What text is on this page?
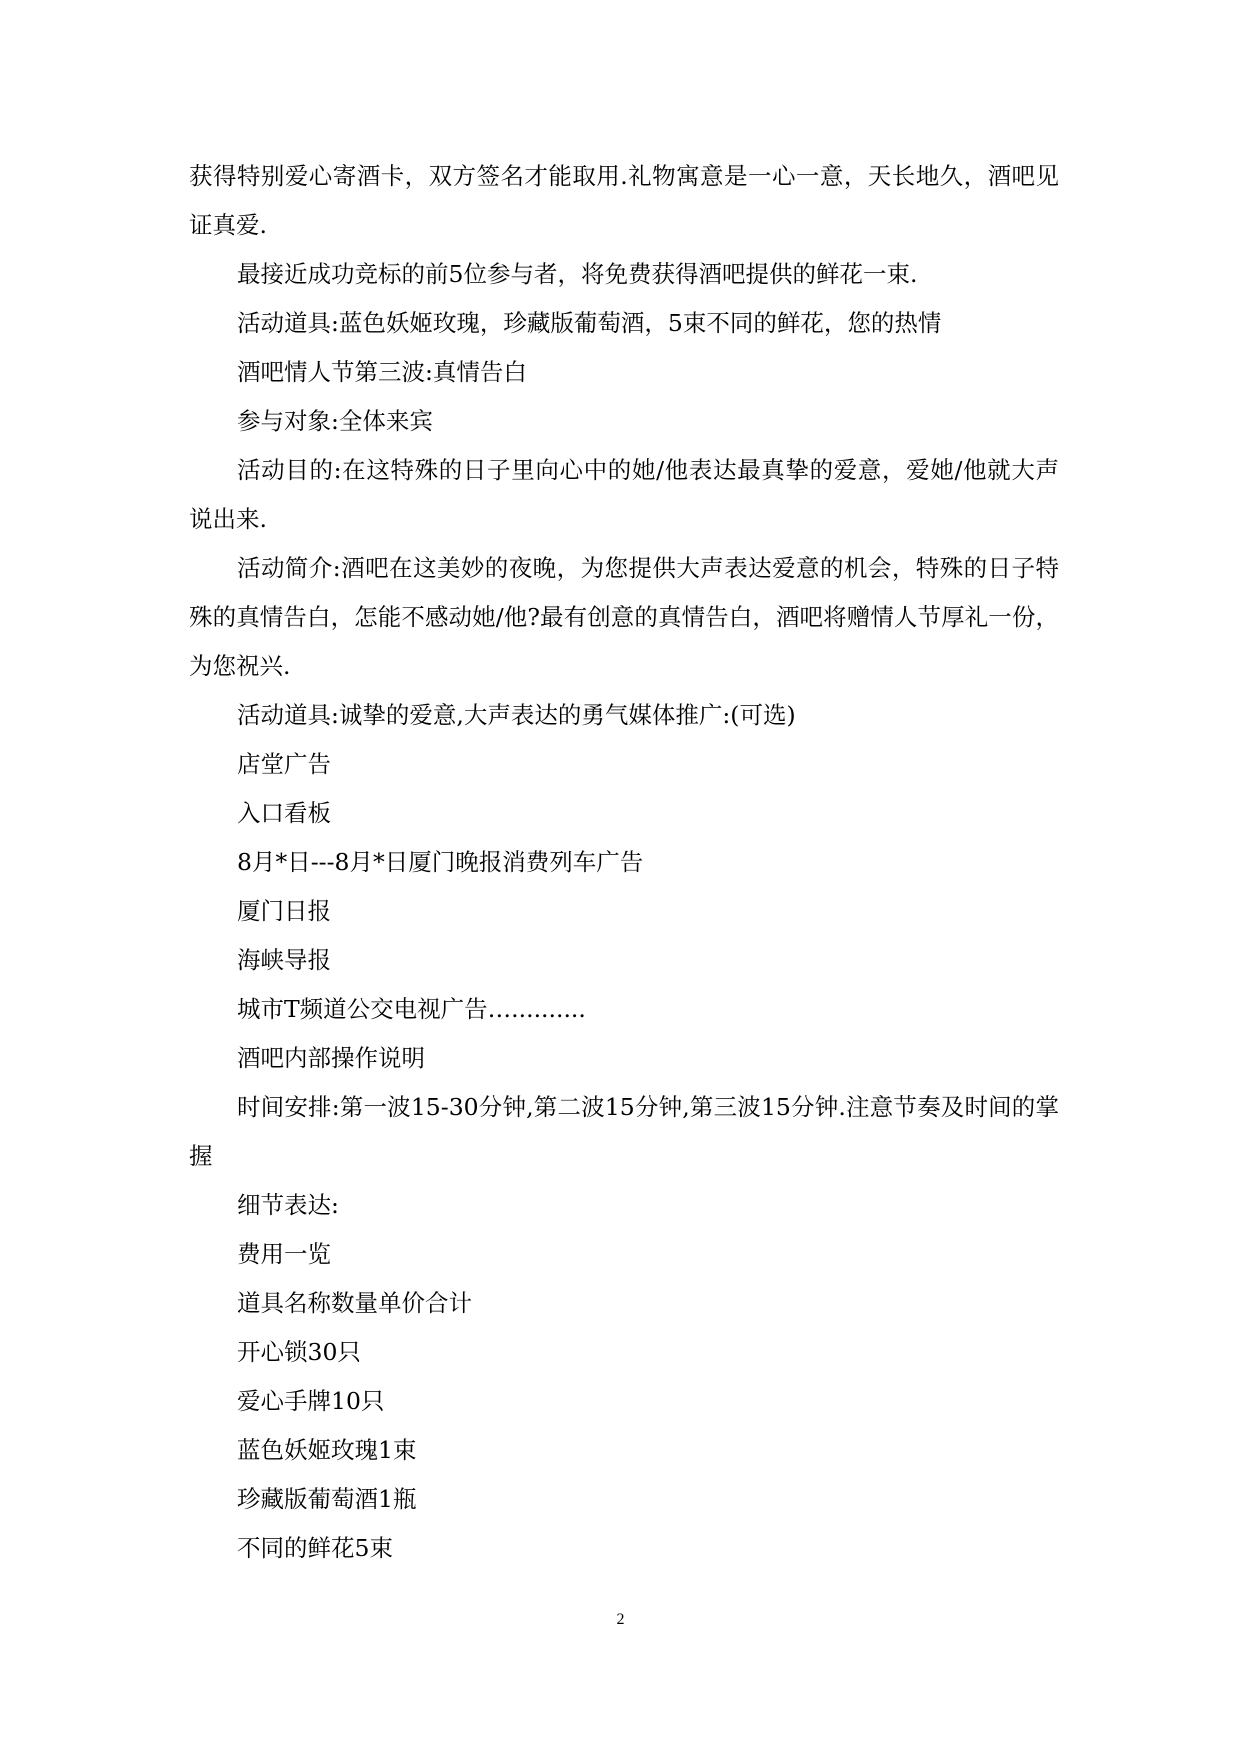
获得特别爱心寄酒卡，双方签名才能取用.礼物寓意是一心一意，天长地久，酒吧见证真爱.

最接近成功竞标的前5位参与者，将免费获得酒吧提供的鲜花一束.

活动道具:蓝色妖姬玫瑰，珍藏版葡萄酒，5束不同的鲜花，您的热情

酒吧情人节第三波:真情告白

参与对象:全体来宾

活动目的:在这特殊的日子里向心中的她/他表达最真挚的爱意，爱她/他就大声说出来.

活动简介:酒吧在这美妙的夜晚，为您提供大声表达爱意的机会，特殊的日子特殊的真情告白，怎能不感动她/他?最有创意的真情告白，酒吧将赠情人节厚礼一份，为您祝兴.

活动道具:诚挚的爱意,大声表达的勇气媒体推广:(可选)

店堂广告

入口看板

8月*日---8月*日厦门晚报消费列车广告

厦门日报

海峡导报

城市T频道公交电视广告…..........

酒吧内部操作说明

时间安排:第一波15-30分钟,第二波15分钟,第三波15分钟.注意节奏及时间的掌握

细节表达:

费用一览

道具名称数量单价合计

开心锁30只

爱心手牌10只

蓝色妖姬玫瑰1束

珍藏版葡萄酒1瓶

不同的鲜花5束

2
